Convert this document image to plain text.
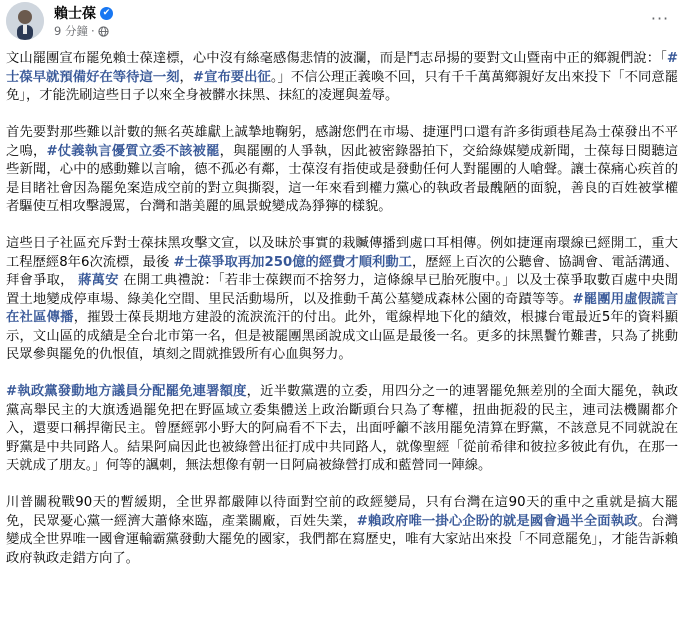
賴士葆 ✔
9 分鐘 ·
···

文山罷團宣布罷免賴士葆達標，心中沒有絲毫感傷悲情的波瀾，而是鬥志昂揚的要對文山暨南中正的鄉親們說：「#士葆早就預備好在等待這一刻，#宣布要出征。」不信公理正義喚不回，只有千千萬萬鄉親好友出來投下「不同意罷免」，才能洗刷這些日子以來全身被髒水抹黑、抹紅的凌遲與羞辱。

首先要對那些難以計數的無名英雄獻上誠摯地鞠躬，感謝您們在市場、捷運門口還有許多街頭巷尾為士葆發出不平之鳴，#仗義執言優質立委不該被罷，與罷團的人爭執，因此被密錄器拍下，交給綠媒變成新聞，士葆每日閱聽這些新聞，心中的感動難以言喻，德不孤必有鄰，士葆沒有指使或是發動任何人對罷團的人嗆聲。讓士葆痛心疾首的是目睹社會因為罷免案造成空前的對立與撕裂，這一年來看到權力黨心的執政者最醜陋的面貌，善良的百姓被掌權者驅使互相攻擊謾罵，台灣和諧美麗的風景蛻變成為猙獰的樣貌。

這些日子社區充斥對士葆抹黑攻擊文宣，以及昧於事實的栽贓傳播到處口耳相傳。例如捷運南環線已經開工，重大工程歷經8年6次流標，最後 #士葆爭取再加250億的經費才順利動工，歷經上百次的公聽會、協調會、電話溝通、拜會爭取， 蔣萬安 在開工典禮說：「若非士葆鍥而不捨努力，這條線早已胎死腹中。」以及士葆爭取數百處中央閒置土地變成停車場、綠美化空間、里民活動場所，以及推動千萬公墓變成森林公園的奇蹟等等。#罷團用虛假謊言在社區傳播，摧毀士葆長期地方建設的流淚流汗的付出。此外，電線桿地下化的績效，根據台電最近5年的資料顯示，文山區的成績是全台北市第一名，但是被罷團黑函說成文山區是最後一名。更多的抹黑鬢竹難書，只為了挑動民眾參與罷免的仇恨值，填刻之間就推毀所有心血與努力。

#執政黨發動地方議員分配罷免連署額度，近半數黨選的立委，用四分之一的連署罷免無差別的全面大罷免，執政黨高舉民主的大旗透過罷免把在野區域立委集體送上政治斷頭台只為了奪權，扭曲扼殺的民主，連司法機關都介入，還要口稱捍衛民主。曾歷經郭小野大的阿扁看不下去，出面呼籲不該用罷免清算在野黨，不該意見不同就說在野黨是中共同路人。結果阿扁因此也被綠營出征打成中共同路人，就像聖經「從前希律和彼拉多彼此有仇，在那一天就成了朋友。」何等的諷刺，無法想像有朝一日阿扁被綠營打成和藍營同一陣線。

川普關稅戰90天的暫緩期，全世界都嚴陣以待面對空前的政經變局，只有台灣在這90天的重中之重就是搞大罷免，民眾憂心黨一經濟大蕭條來臨，產業關廠，百姓失業，#賴政府唯一掛心企盼的就是國會過半全面執政。台灣變成全世界唯一國會運輸霸黨發動大罷免的國家，我們都在寫歷史，唯有大家站出來投「不同意罷免」，才能告訴賴政府執政走錯方向了。
